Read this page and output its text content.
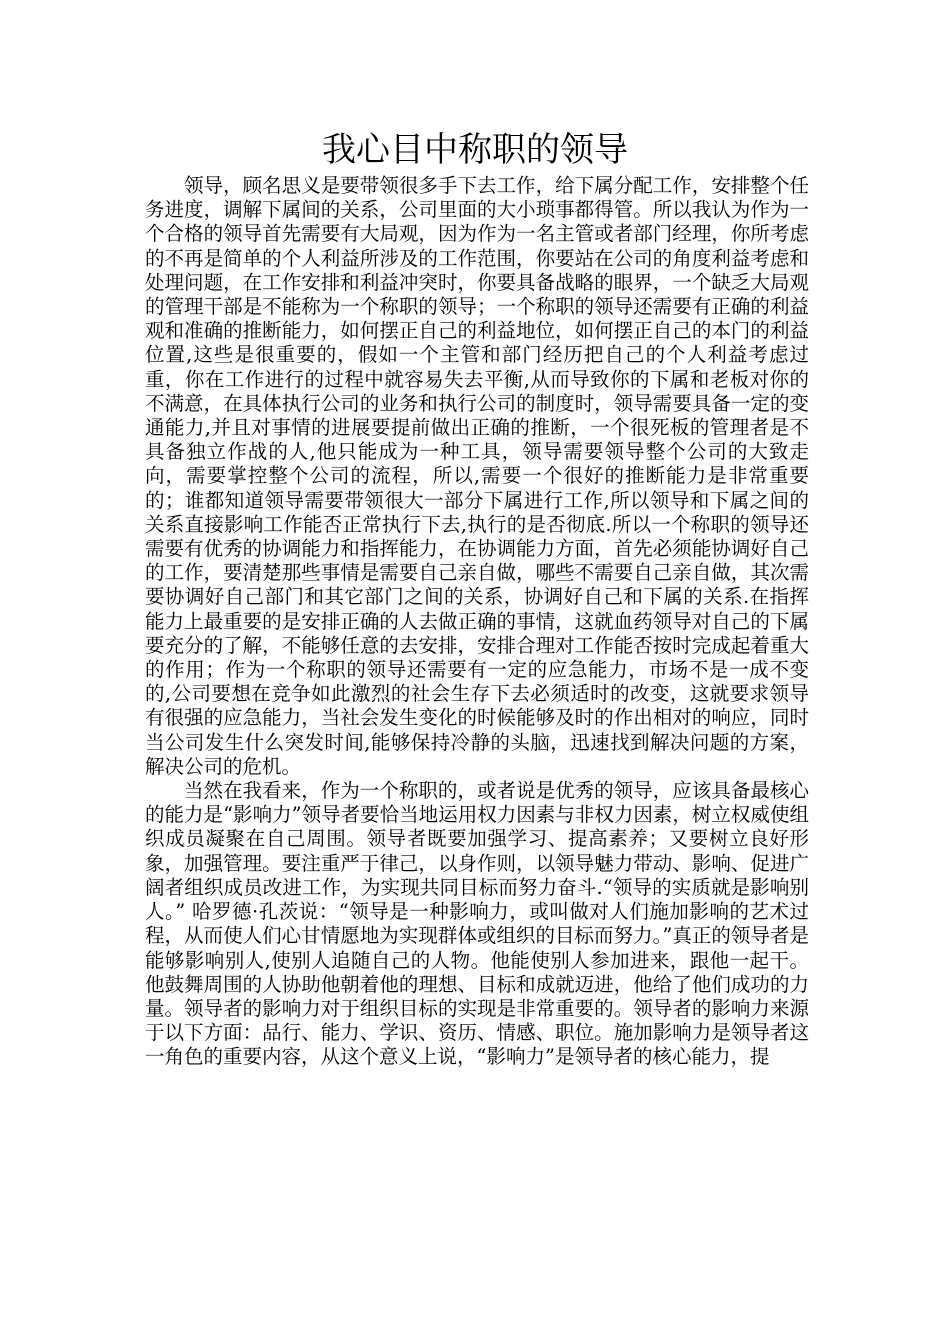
我心目中称职的领导

领导，顾名思义是要带领很多手下去工作，给下属分配工作，安排整个任务进度，调解下属间的关系，公司里面的大小琐事都得管。所以我认为作为一个合格的领导首先需要有大局观，因为作为一名主管或者部门经理，你所考虑的不再是简单的个人利益所涉及的工作范围，你要站在公司的角度利益考虑和处理问题，在工作安排和利益冲突时，你要具备战略的眼界，一个缺乏大局观的管理干部是不能称为一个称职的领导；一个称职的领导还需要有正确的利益观和准确的推断能力，如何摆正自己的利益地位，如何摆正自己的本门的利益位置,这些是很重要的，假如一个主管和部门经历把自己的个人利益考虑过重，你在工作进行的过程中就容易失去平衡,从而导致你的下属和老板对你的不满意，在具体执行公司的业务和执行公司的制度时，领导需要具备一定的变通能力,并且对事情的进展要提前做出正确的推断，一个很死板的管理者是不具备独立作战的人,他只能成为一种工具，领导需要领导整个公司的大致走向，需要掌控整个公司的流程，所以,需要一个很好的推断能力是非常重要的；谁都知道领导需要带领很大一部分下属进行工作,所以领导和下属之间的关系直接影响工作能否正常执行下去,执行的是否彻底.所以一个称职的领导还需要有优秀的协调能力和指挥能力，在协调能力方面，首先必须能协调好自己的工作，要清楚那些事情是需要自己亲自做，哪些不需要自己亲自做，其次需要协调好自己部门和其它部门之间的关系，协调好自己和下属的关系.在指挥能力上最重要的是安排正确的人去做正确的事情，这就血药领导对自己的下属要充分的了解，不能够任意的去安排，安排合理对工作能否按时完成起着重大的作用；作为一个称职的领导还需要有一定的应急能力，市场不是一成不变的,公司要想在竞争如此激烈的社会生存下去必须适时的改变，这就要求领导有很强的应急能力，当社会发生变化的时候能够及时的作出相对的响应，同时当公司发生什么突发时间,能够保持冷静的头脑，迅速找到解决问题的方案，解决公司的危机。

当然在我看来，作为一个称职的，或者说是优秀的领导，应该具备最核心的能力是“影响力”领导者要恰当地运用权力因素与非权力因素，树立权威使组织成员凝聚在自己周围。领导者既要加强学习、提高素养；又要树立良好形象，加强管理。要注重严于律己，以身作则，以领导魅力带动、影响、促进广阔者组织成员改进工作，为实现共同目标而努力奋斗.“领导的实质就是影响别人。” 哈罗德·孔茨说：“领导是一种影响力，或叫做对人们施加影响的艺术过程，从而使人们心甘情愿地为实现群体或组织的目标而努力。”真正的领导者是能够影响别人,使别人追随自己的人物。他能使别人参加进来，跟他一起干。他鼓舞周围的人协助他朝着他的理想、目标和成就迈进，他给了他们成功的力量。领导者的影响力对于组织目标的实现是非常重要的。领导者的影响力来源于以下方面：品行、能力、学识、资历、情感、职位。施加影响力是领导者这一角色的重要内容，从这个意义上说，“影响力”是领导者的核心能力，提
